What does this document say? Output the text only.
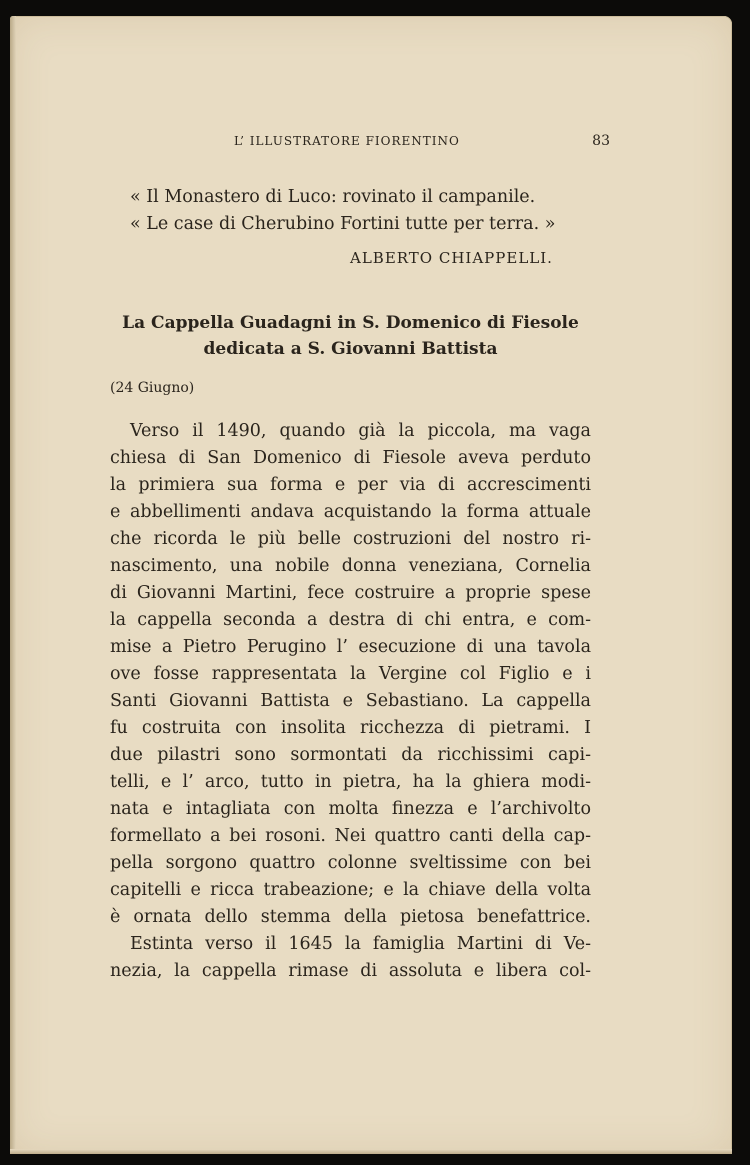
L’ ILLUSTRATORE FIORENTINO	83
« Il Monastero di Luco: rovinato il campanile.
« Le case di Cherubino Fortini tutte per terra. »
ALBERTO CHIAPPELLI.
La Cappella Guadagni in S. Domenico di Fiesole
dedicata a S. Giovanni Battista
(24 Giugno)
Verso il 1490, quando già la piccola, ma vaga
chiesa di San Domenico di Fiesole aveva perduto
la primiera sua forma e per via di accrescimenti
e abbellimenti andava acquistando la forma attuale
che ricorda le più belle costruzioni del nostro ri-
nascimento, una nobile donna veneziana, Cornelia
di Giovanni Martini, fece costruire a proprie spese
la cappella seconda a destra di chi entra, e com-
mise a Pietro Perugino l’ esecuzione di una tavola
ove fosse rappresentata la Vergine col Figlio e i
Santi Giovanni Battista e Sebastiano. La cappella
fu costruita con insolita ricchezza di pietrami. I
due pilastri sono sormontati da ricchissimi capi-
telli, e l’ arco, tutto in pietra, ha la ghiera modi-
nata e intagliata con molta finezza e l’archivolto
formellato a bei rosoni. Nei quattro canti della cap-
pella sorgono quattro colonne sveltissime con bei
capitelli e ricca trabeazione; e la chiave della volta
è ornata dello stemma della pietosa benefattrice.
Estinta verso il 1645 la famiglia Martini di Ve-
nezia, la cappella rimase di assoluta e libera col-
